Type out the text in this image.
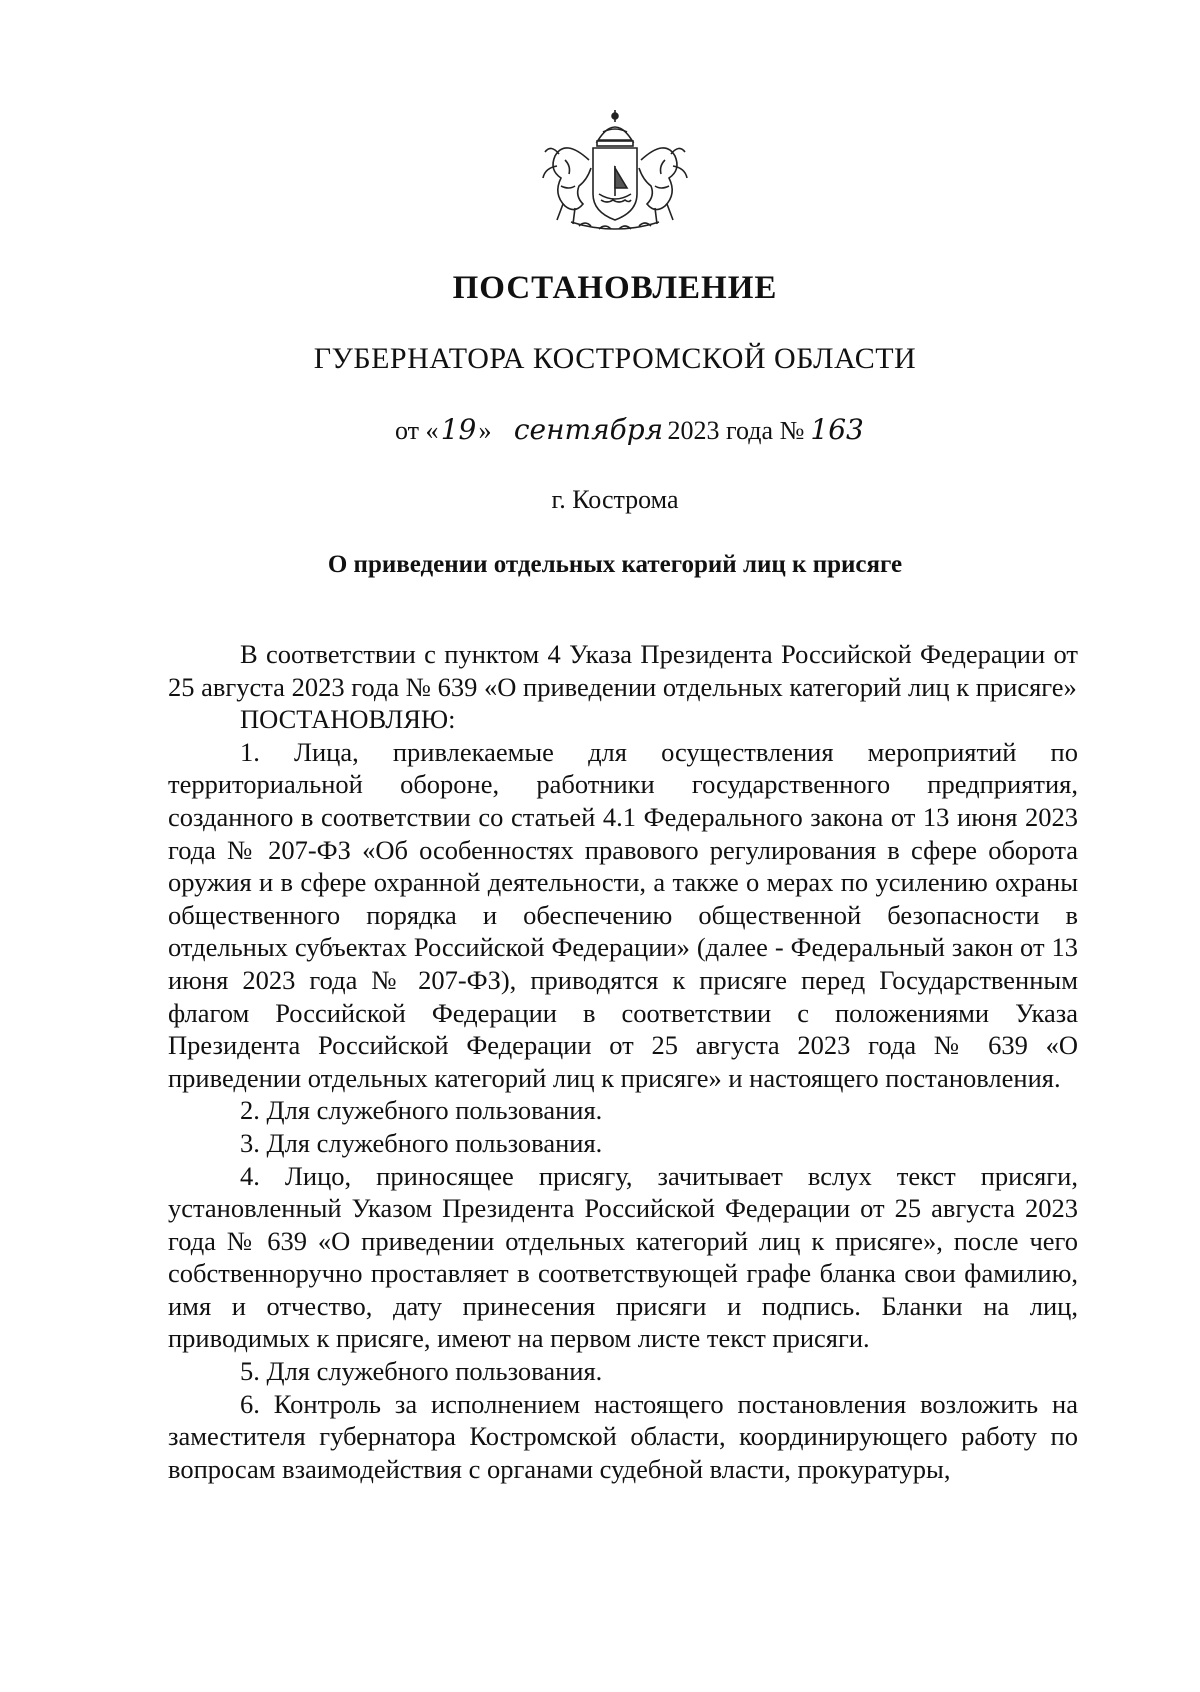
ПОСТАНОВЛЕНИЕ
ГУБЕРНАТОРА КОСТРОМСКОЙ ОБЛАСТИ
от «19» сентября 2023 года № 163
г. Кострома
О приведении отдельных категорий лиц к присяге

В соответствии с пунктом 4 Указа Президента Российской Федерации от 25 августа 2023 года № 639 «О приведении отдельных категорий лиц к присяге»

ПОСТАНОВЛЯЮ:

1. Лица, привлекаемые для осуществления мероприятий по территориальной обороне, работники государственного предприятия, созданного в соответствии со статьей 4.1 Федерального закона от 13 июня 2023 года № 207-ФЗ «Об особенностях правового регулирования в сфере оборота оружия и в сфере охранной деятельности, а также о мерах по усилению охраны общественного порядка и обеспечению общественной безопасности в отдельных субъектах Российской Федерации» (далее - Федеральный закон от 13 июня 2023 года № 207-ФЗ), приводятся к присяге перед Государственным флагом Российской Федерации в соответствии с положениями Указа Президента Российской Федерации от 25 августа 2023 года № 639 «О приведении отдельных категорий лиц к присяге» и настоящего постановления.

2. Для служебного пользования.

3. Для служебного пользования.

4. Лицо, приносящее присягу, зачитывает вслух текст присяги, установленный Указом Президента Российской Федерации от 25 августа 2023 года № 639 «О приведении отдельных категорий лиц к присяге», после чего собственноручно проставляет в соответствующей графе бланка свои фамилию, имя и отчество, дату принесения присяги и подпись. Бланки на лиц, приводимых к присяге, имеют на первом листе текст присяги.

5. Для служебного пользования.

6. Контроль за исполнением настоящего постановления возложить на заместителя губернатора Костромской области, координирующего работу по вопросам взаимодействия с органами судебной власти, прокуратуры,
